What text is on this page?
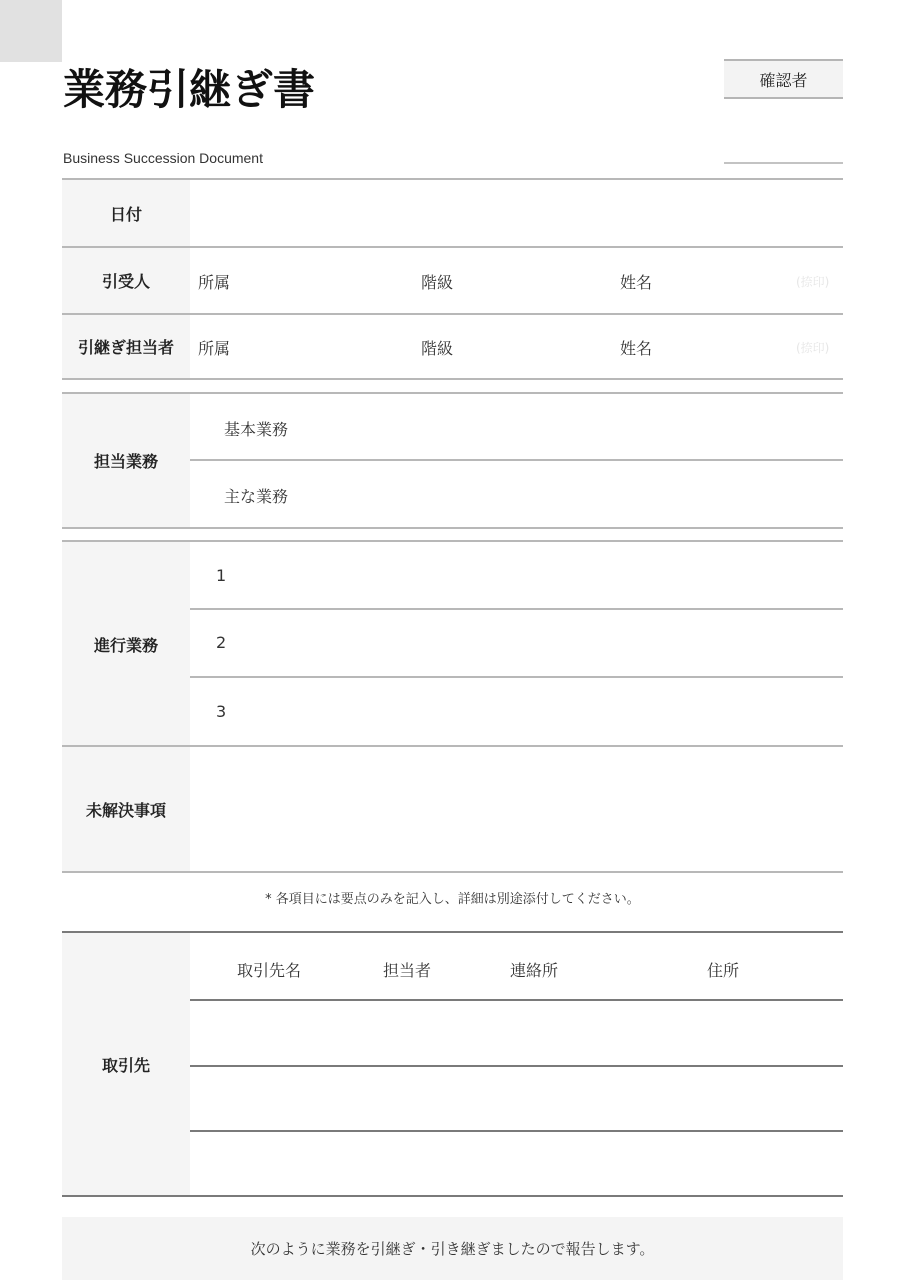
業務引継ぎ書
Business Succession Document
確認者
日付
引受人	所属	階級	姓名	(捺印)
引継ぎ担当者	所属	階級	姓名	(捺印)
担当業務
基本業務
主な業務
進行業務
1
2
3
未解決事項
* 各項目には要点のみを記入し、詳細は別途添付してください。
取引先
取引先名	担当者	連絡所	住所
次のように業務を引継ぎ・引き継ぎましたので報告します。
